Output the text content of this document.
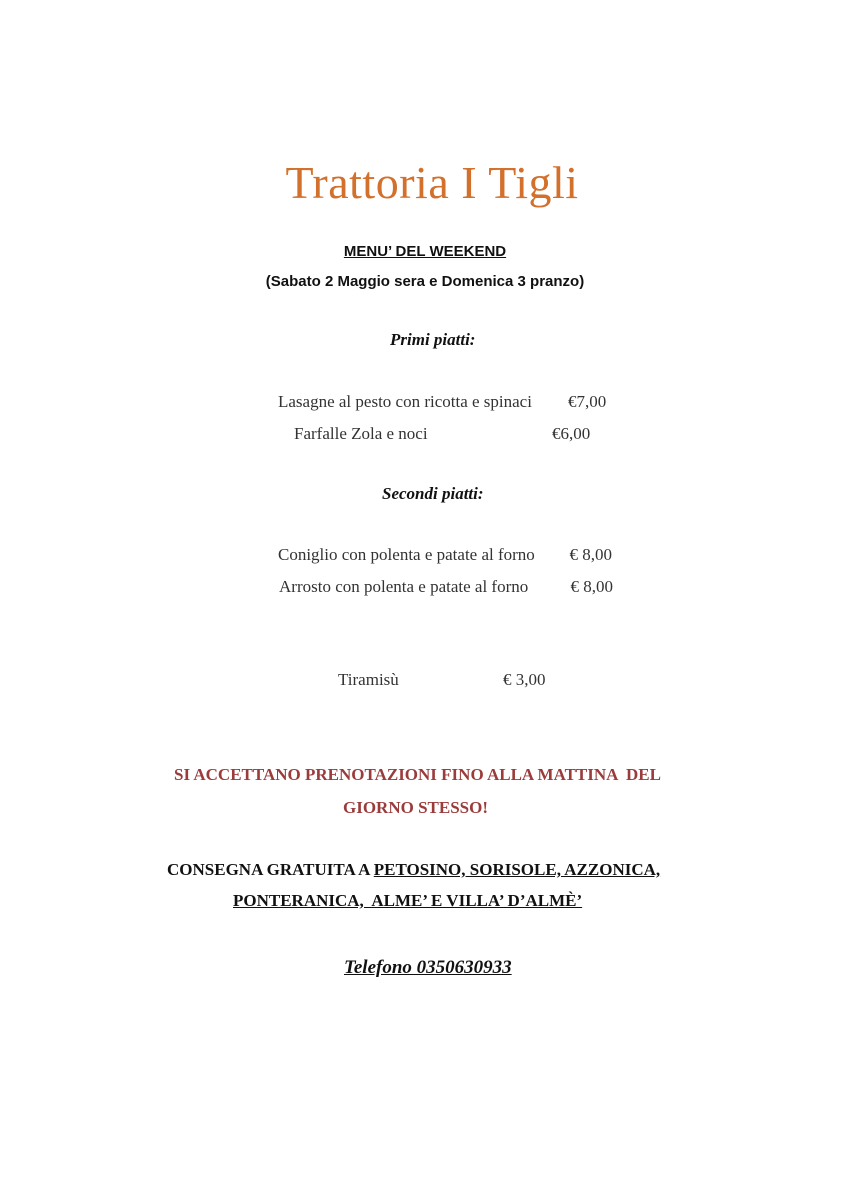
Trattoria I Tigli
MENU’ DEL WEEKEND
(Sabato 2 Maggio sera e Domenica 3 pranzo)
Primi piatti:
Lasagne al pesto con ricotta e spinaci €7,00
Farfalle Zola e noci	€6,00
Secondi piatti:
Coniglio con polenta e patate al forno € 8,00
Arrosto con polenta e patate al forno € 8,00
Tiramisù	€ 3,00
SI ACCETTANO PRENOTAZIONI FINO ALLA MATTINA  DEL
GIORNO STESSO!
CONSEGNA GRATUITA A PETOSINO, SORISOLE, AZZONICA,
PONTERANICA,  ALME’ E VILLA’ D’ALMÈ’
Telefono 0350630933
